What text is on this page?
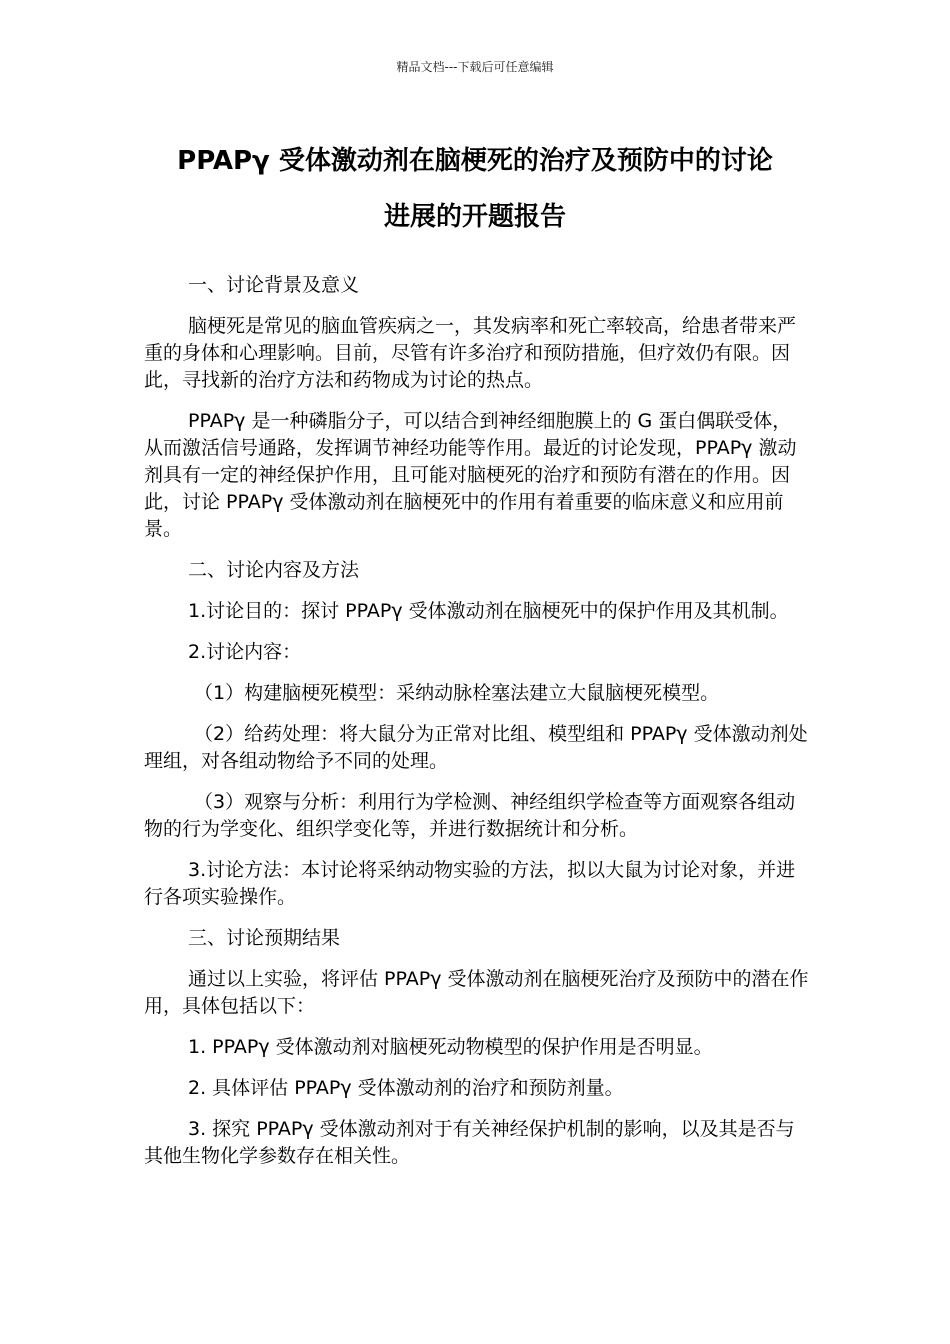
精品文档---下载后可任意编辑
PPAPγ 受体激动剂在脑梗死的治疗及预防中的讨论
进展的开题报告

一、讨论背景及意义

脑梗死是常见的脑血管疾病之一，其发病率和死亡率较高，给患者带来严重的身体和心理影响。目前，尽管有许多治疗和预防措施，但疗效仍有限。因此，寻找新的治疗方法和药物成为讨论的热点。

PPAPγ 是一种磷脂分子，可以结合到神经细胞膜上的 G 蛋白偶联受体，从而激活信号通路，发挥调节神经功能等作用。最近的讨论发现，PPAPγ 激动剂具有一定的神经保护作用，且可能对脑梗死的治疗和预防有潜在的作用。因此，讨论 PPAPγ 受体激动剂在脑梗死中的作用有着重要的临床意义和应用前景。

二、讨论内容及方法

1.讨论目的：探讨 PPAPγ 受体激动剂在脑梗死中的保护作用及其机制。

2.讨论内容：

（1）构建脑梗死模型：采纳动脉栓塞法建立大鼠脑梗死模型。

（2）给药处理：将大鼠分为正常对比组、模型组和 PPAPγ 受体激动剂处理组，对各组动物给予不同的处理。

（3）观察与分析：利用行为学检测、神经组织学检查等方面观察各组动物的行为学变化、组织学变化等，并进行数据统计和分析。

3.讨论方法：本讨论将采纳动物实验的方法，拟以大鼠为讨论对象，并进行各项实验操作。

三、讨论预期结果

通过以上实验，将评估 PPAPγ 受体激动剂在脑梗死治疗及预防中的潜在作用，具体包括以下：

1. PPAPγ 受体激动剂对脑梗死动物模型的保护作用是否明显。

2. 具体评估 PPAPγ 受体激动剂的治疗和预防剂量。

3. 探究 PPAPγ 受体激动剂对于有关神经保护机制的影响，以及其是否与其他生物化学参数存在相关性。
